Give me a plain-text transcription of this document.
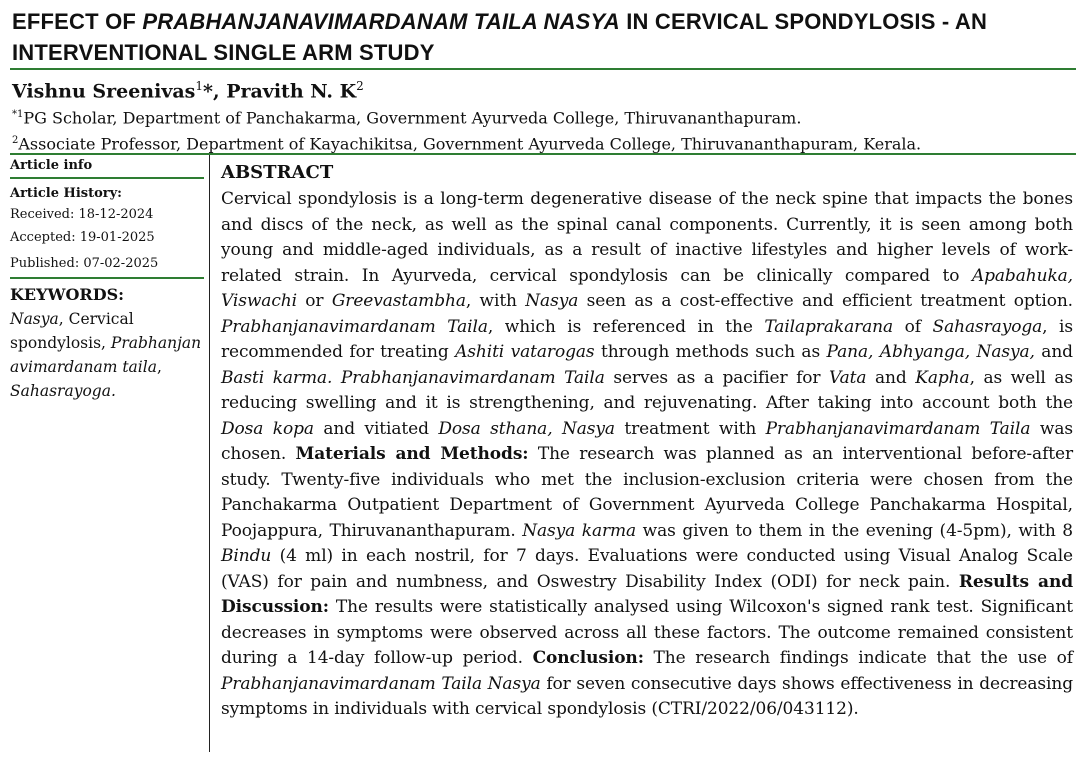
EFFECT OF PRABHANJANAVIMARDANAM TAILA NASYA IN CERVICAL SPONDYLOSIS - AN INTERVENTIONAL SINGLE ARM STUDY
Vishnu Sreenivas$^1$*, Pravith N. $K^2$
$^{*1}$PG Scholar, Department of Panchakarma, Government Ayurveda College, Thiruvananthapuram.
$^2$Associate Professor, Department of Kayachikitsa, Government Ayurveda College, Thiruvananthapuram, Kerala.
Article info
Article History:
Received: 18-12-2024
Accepted: 19-01-2025
Published: 07-02-2025
KEYWORDS:
Nasya, Cervical spondylosis, Prabhanjanavimardanam taila, Sahasrayoga.
ABSTRACT
Cervical spondylosis is a long-term degenerative disease of the neck spine that impacts the bones and discs of the neck, as well as the spinal canal components. Currently, it is seen among both young and middle-aged individuals, as a result of inactive lifestyles and higher levels of work-related strain. In Ayurveda, cervical spondylosis can be clinically compared to Apabahuka, Viswachi or Greevastambha, with Nasya seen as a cost-effective and efficient treatment option. Prabhanjanavimardanam Taila, which is referenced in the Tailaprakarana of Sahasrayoga, is recommended for treating Ashiti vatarogas through methods such as Pana, Abhyanga, Nasya, and Basti karma. Prabhanjanavimardanam Taila serves as a pacifier for Vata and Kapha, as well as reducing swelling and it is strengthening, and rejuvenating. After taking into account both the Dosa kopa and vitiated Dosa sthana, Nasya treatment with Prabhanjanavimardanam Taila was chosen. Materials and Methods: The research was planned as an interventional before-after study. Twenty-five individuals who met the inclusion-exclusion criteria were chosen from the Panchakarma Outpatient Department of Government Ayurveda College Panchakarma Hospital, Poojappura, Thiruvananthapuram. Nasya karma was given to them in the evening (4-5pm), with 8 Bindu (4 ml) in each nostril, for 7 days. Evaluations were conducted using Visual Analog Scale (VAS) for pain and numbness, and Oswestry Disability Index (ODI) for neck pain. Results and Discussion: The results were statistically analysed using Wilcoxon's signed rank test. Significant decreases in symptoms were observed across all these factors. The outcome remained consistent during a 14-day follow-up period. Conclusion: The research findings indicate that the use of Prabhanjanavimardanam Taila Nasya for seven consecutive days shows effectiveness in decreasing symptoms in individuals with cervical spondylosis (CTRI/2022/06/043112).
